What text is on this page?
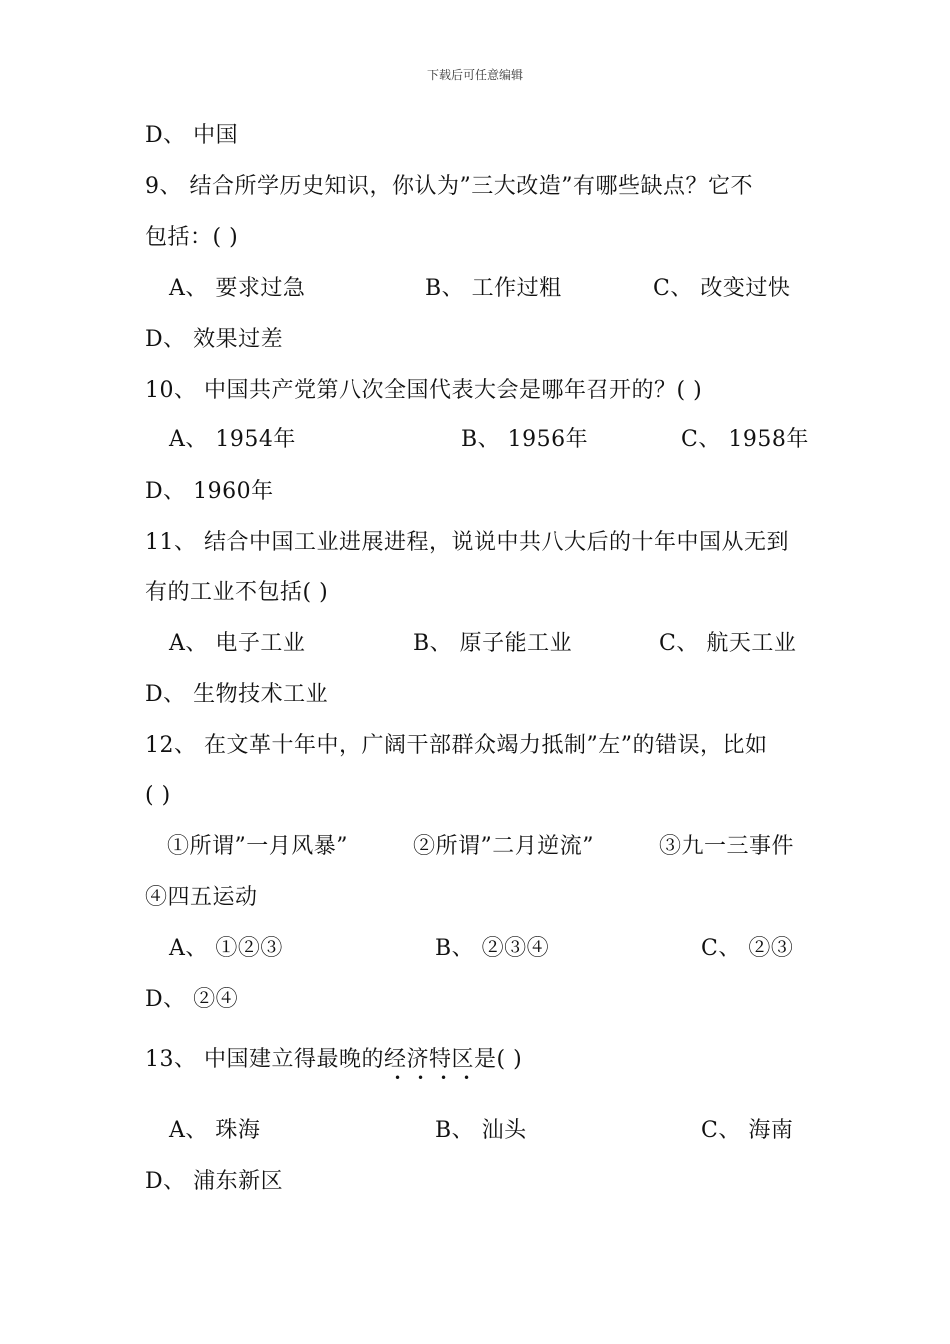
下载后可任意编辑
D、 中国
9、 结合所学历史知识，你认为”三大改造”有哪些缺点？它不
包括：( )
A、 要求过急	B、 工作过粗	C、 改变过快
D、 效果过差
10、 中国共产党第八次全国代表大会是哪年召开的？( )
A、 1954年	B、 1956年	C、 1958年
D、 1960年
11、 结合中国工业进展进程，说说中共八大后的十年中国从无到
有的工业不包括( )
A、 电子工业	B、 原子能工业	C、 航天工业
D、 生物技术工业
12、 在文革十年中，广阔干部群众竭力抵制”左”的错误，比如
( )
①所谓”一月风暴”	②所谓”二月逆流”	③九一三事件
④四五运动
A、 ①②③	B、 ②③④	C、 ②③
D、 ②④
13、 中国建立得最晚的经济特区是( )
• • • •
A、 珠海	B、 汕头	C、 海南
D、 浦东新区
